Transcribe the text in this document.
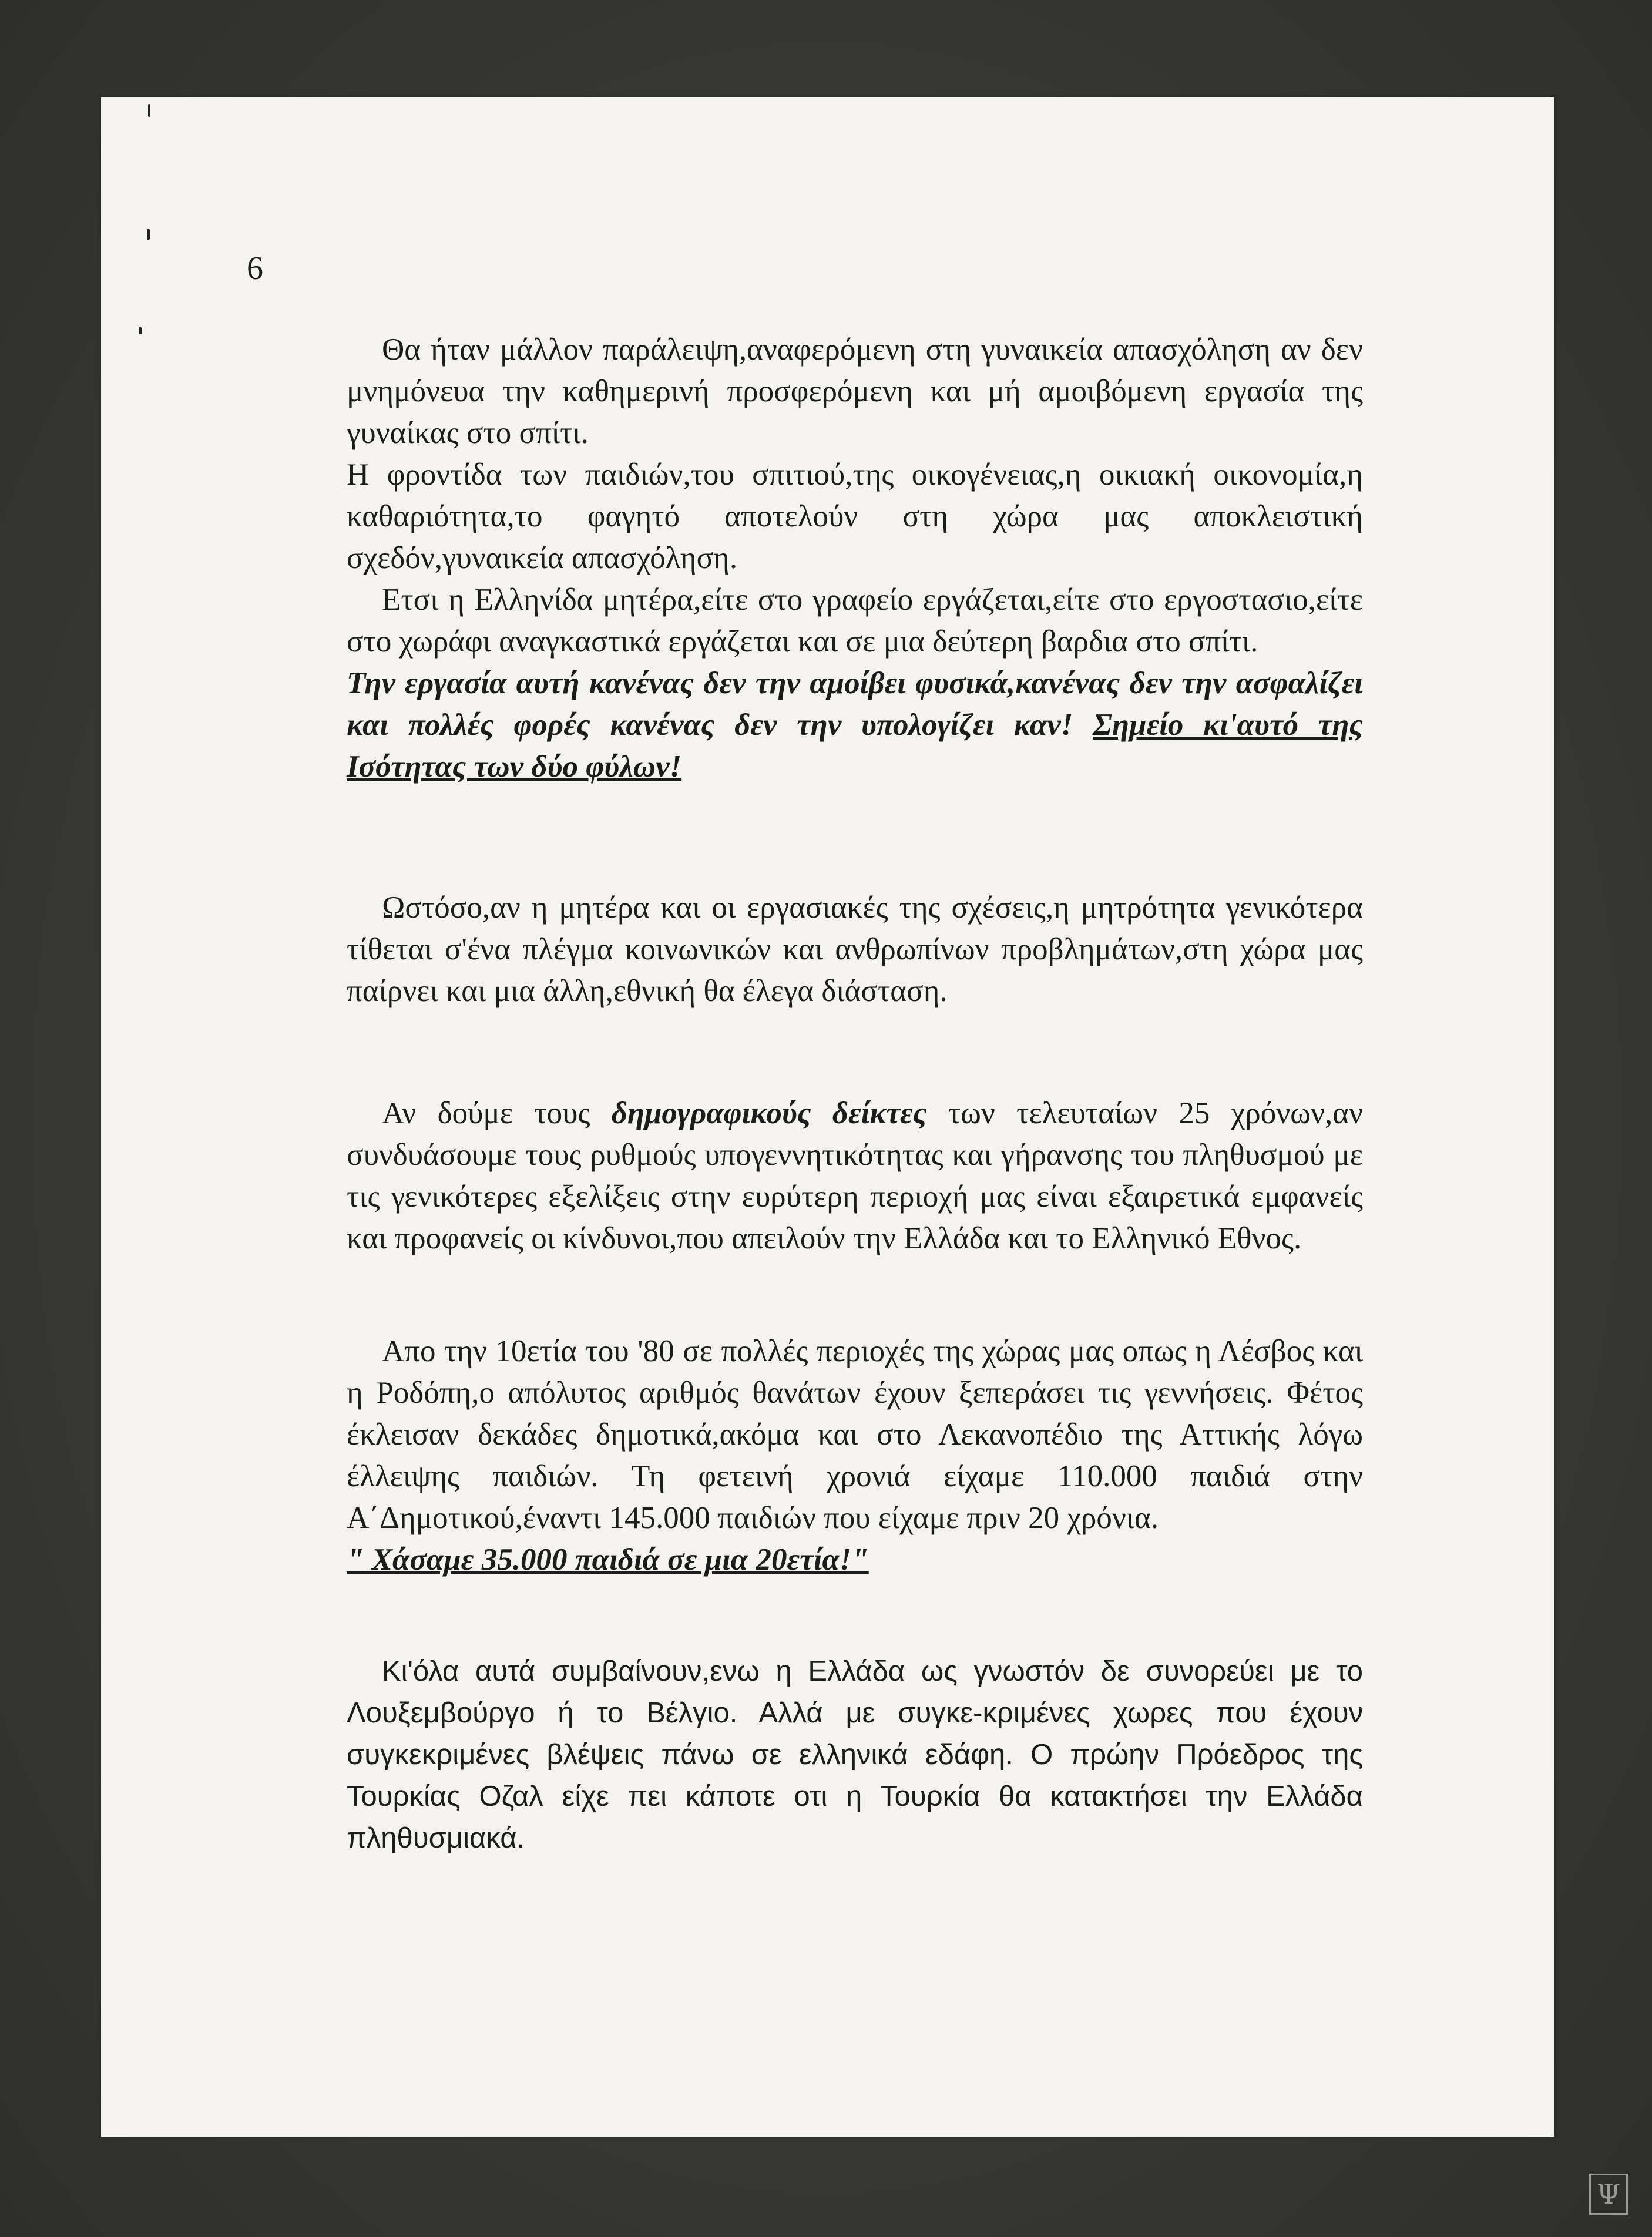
6

Θα ήταν μάλλον παράλειψη,αναφερόμενη στη γυναικεία απασχόληση αν δεν μνημόνευα την καθημερινή προσφερόμενη και μή αμοιβόμενη εργασία της γυναίκας στο σπίτι.

Η φροντίδα των παιδιών,του σπιτιού,της οικογένειας,η οικιακή οικονομία,η καθαριότητα,το φαγητό αποτελούν στη χώρα μας αποκλειστική σχεδόν,γυναικεία απασχόληση.

Ετσι η Ελληνίδα μητέρα,είτε στο γραφείο εργάζεται,είτε στο εργοστασιο,είτε στο χωράφι αναγκαστικά εργάζεται και σε μια δεύτερη βαρδια στο σπίτι.

Την εργασία αυτή κανένας δεν την αμοίβει φυσικά,κανένας δεν την ασφαλίζει και πολλές φορές κανένας δεν την υπολογίζει καν! Σημείο κι'αυτό της Ισότητας των δύο φύλων!

Ωστόσο,αν η μητέρα και οι εργασιακές της σχέσεις,η μητρότητα γενικότερα τίθεται σ'ένα πλέγμα κοινωνικών και ανθρωπίνων προβλημάτων,στη χώρα μας παίρνει και μια άλλη,εθνική θα έλεγα διάσταση.

Αν δούμε τους δημογραφικούς δείκτες των τελευταίων 25 χρόνων,αν συνδυάσουμε τους ρυθμούς υπογεννητικότητας και γήρανσης του πληθυσμού με τις γενικότερες εξελίξεις στην ευρύτερη περιοχή μας είναι εξαιρετικά εμφανείς και προφανείς οι κίνδυνοι,που απειλούν την Ελλάδα και το Ελληνικό Εθνος.

Απο την 10ετία του '80 σε πολλές περιοχές της χώρας μας οπως η Λέσβος και η Ροδόπη,ο απόλυτος αριθμός θανάτων έχουν ξεπεράσει τις γεννήσεις. Φέτος έκλεισαν δεκάδες δημοτικά,ακόμα και στο Λεκανοπέδιο της Αττικής λόγω έλλειψης παιδιών. Τη φετεινή χρονιά είχαμε 110.000 παιδιά στην Α΄Δημοτικού,έναντι 145.000 παιδιών που είχαμε πριν 20 χρόνια.

" Χάσαμε 35.000 παιδιά σε μια 20ετία!"

Κι'όλα αυτά συμβαίνουν,ενω η Ελλάδα ως γνωστόν δε συνορεύει με το Λουξεμβούργο ή το Βέλγιο. Αλλά με συγκε-κριμένες χωρες που έχουν συγκεκριμένες βλέψεις πάνω σε ελληνικά εδάφη. Ο πρώην Πρόεδρος της Τουρκίας Οζαλ είχε πει κάποτε οτι η Τουρκία θα κατακτήσει την Ελλάδα πληθυσμιακά.

Ψ
